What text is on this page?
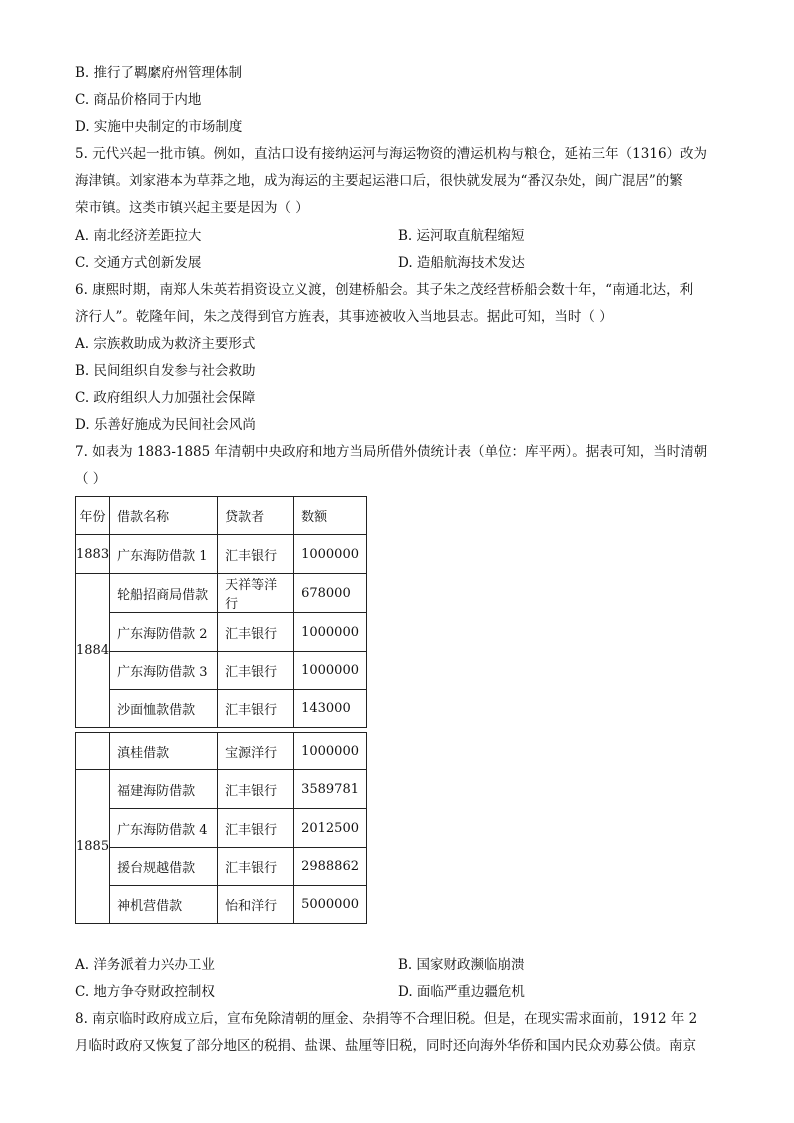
B. 推行了羁縻府州管理体制
C. 商品价格同于内地
D. 实施中央制定的市场制度
5. 元代兴起一批市镇。例如，直沽口设有接纳运河与海运物资的漕运机构与粮仓，延祐三年（1316）改为
海津镇。刘家港本为草莽之地，成为海运的主要起运港口后，很快就发展为“番汉杂处，闽广混居”的繁
荣市镇。这类市镇兴起主要是因为（ ）
A. 南北经济差距拉大	B. 运河取直航程缩短
C. 交通方式创新发展	D. 造船航海技术发达
6. 康熙时期，南郑人朱英若捐资设立义渡，创建桥船会。其子朱之茂经营桥船会数十年，“南通北达，利
济行人”。乾隆年间，朱之茂得到官方旌表，其事迹被收入当地县志。据此可知，当时（ ）
A. 宗族救助成为救济主要形式
B. 民间组织自发参与社会救助
C. 政府组织人力加强社会保障
D. 乐善好施成为民间社会风尚
7. 如表为 1883-1885 年清朝中央政府和地方当局所借外债统计表（单位：库平两）。据表可知，当时清朝
（ ）
年份	借款名称	贷款者	数额
1883	广东海防借款 1	汇丰银行	1000000
1884	轮船招商局借款	天祥等洋行	678000
	广东海防借款 2	汇丰银行	1000000
	广东海防借款 3	汇丰银行	1000000
	沙面恤款借款	汇丰银行	143000
	滇桂借款	宝源洋行	1000000
1885	福建海防借款	汇丰银行	3589781
	广东海防借款 4	汇丰银行	2012500
	援台规越借款	汇丰银行	2988862
	神机营借款	怡和洋行	5000000
A. 洋务派着力兴办工业	B. 国家财政濒临崩溃
C. 地方争夺财政控制权	D. 面临严重边疆危机
8. 南京临时政府成立后，宣布免除清朝的厘金、杂捐等不合理旧税。但是，在现实需求面前，1912 年 2
月临时政府又恢复了部分地区的税捐、盐课、盐厘等旧税，同时还向海外华侨和国内民众劝募公债。南京
